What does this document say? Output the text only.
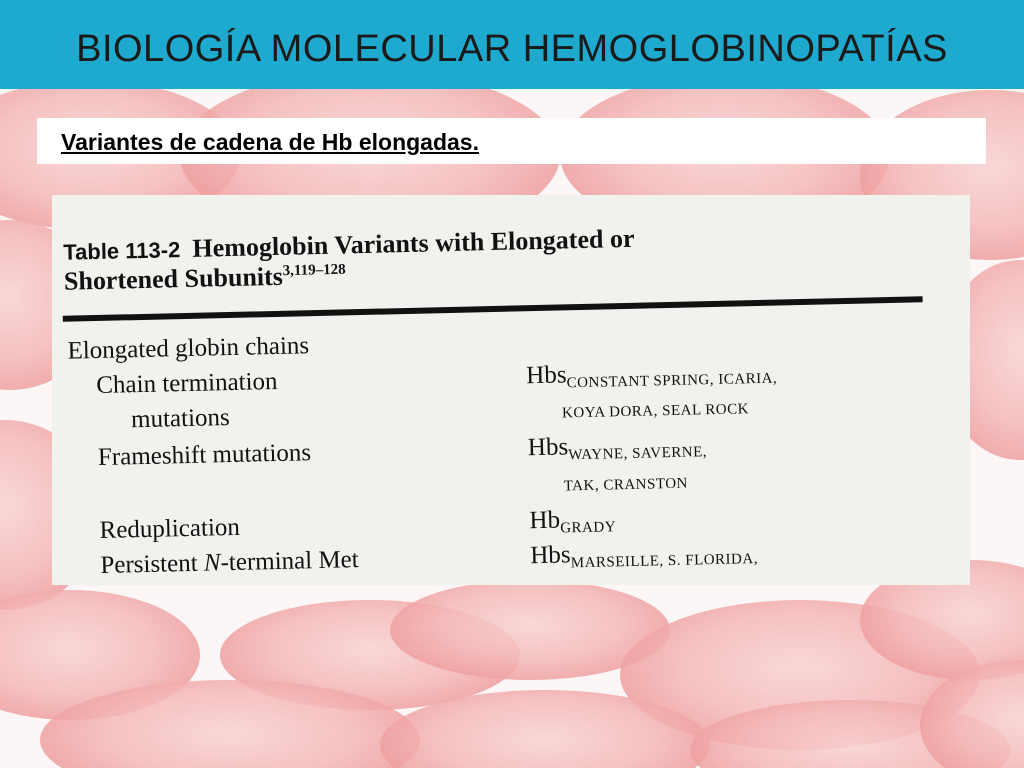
BIOLOGÍA MOLECULAR HEMOGLOBINOPATÍAS
Variantes de cadena de Hb elongadas.
​
Table 113-2 Hemoglobin Variants with Elongated or
Shortened Subunits$^{3,119-128}$
Elongated globin chains
Chain termination	Hbs$_{CONSTANT SPRING, ICARIA,}$
mutations	KOYA DORA, SEAL ROCK
Frameshift mutations	Hbs$_{WAYNE, SAVERNE,}$
TAK, CRANSTON
Reduplication	$Hb_{GRADY}$
Persistent N-terminal Met	Hbs$_{MARSEILLE, S. FLORIDA,}$
